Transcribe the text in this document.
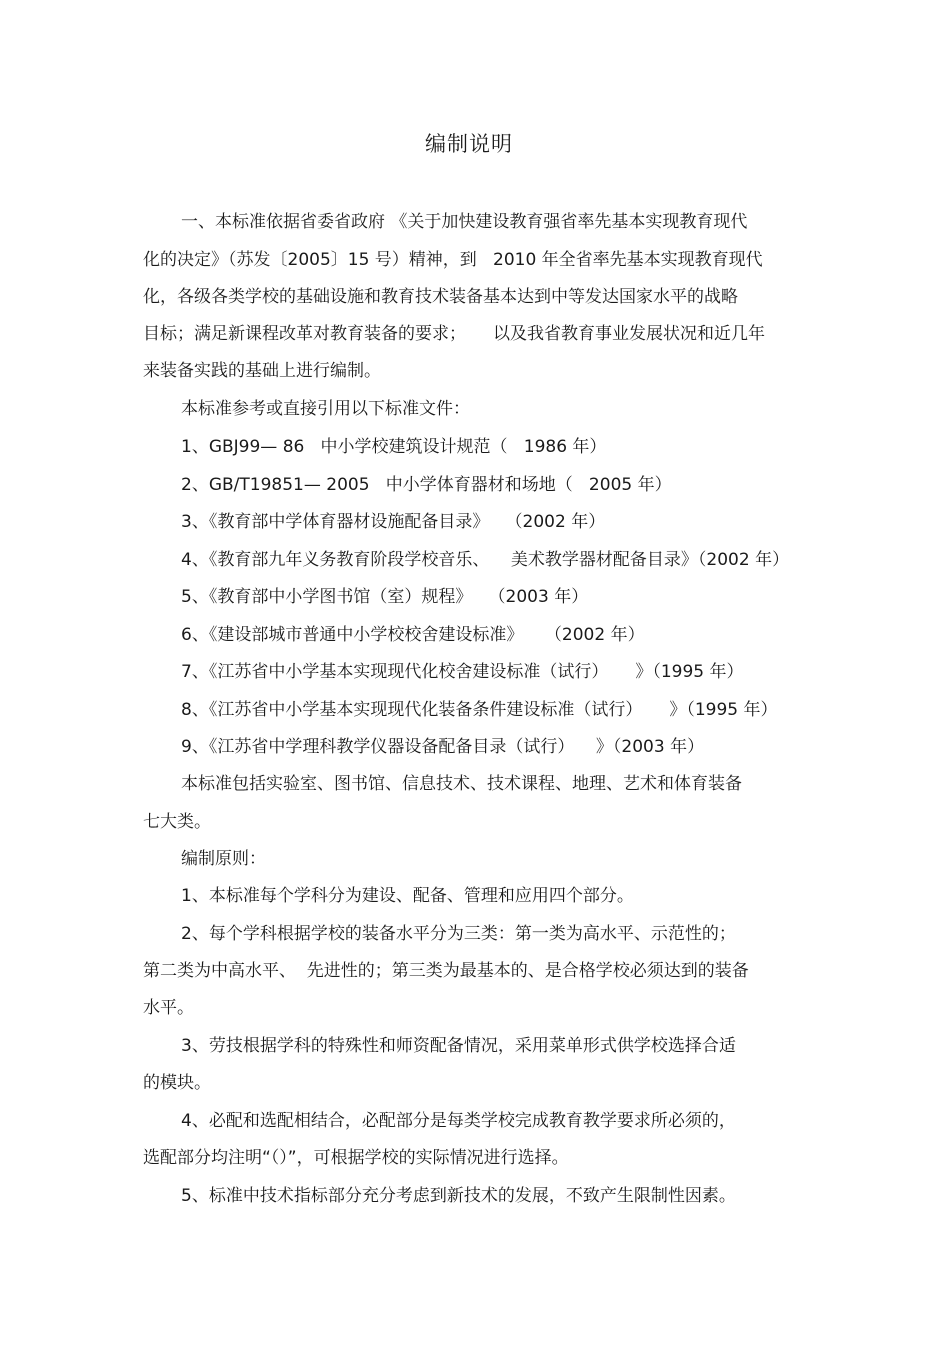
编制说明
一、本标准依据省委省政府 《关于加快建设教育强省率先基本实现教育现代
化的决定》（苏发〔2005〕15 号）精神，到   2010 年全省率先基本实现教育现代
化，各级各类学校的基础设施和教育技术装备基本达到中等发达国家水平的战略
目标；满足新课程改革对教育装备的要求；     以及我省教育事业发展状况和近几年
来装备实践的基础上进行编制。
本标准参考或直接引用以下标准文件：
1、GBJ99— 86   中小学校建筑设计规范（   1986 年）
2、GB/T19851— 2005   中小学体育器材和场地（   2005 年）
3、《教育部中学体育器材设施配备目录》   （2002 年）
4、《教育部九年义务教育阶段学校音乐、    美术教学器材配备目录》（2002 年）
5、《教育部中小学图书馆（室）规程》   （2003 年）
6、《建设部城市普通中小学校校舍建设标准》    （2002 年）
7、《江苏省中小学基本实现现代化校舍建设标准（试行）     》（1995 年）
8、《江苏省中小学基本实现现代化装备条件建设标准（试行）     》（1995 年）
9、《江苏省中学理科教学仪器设备配备目录（试行）    》（2003 年）
本标准包括实验室、图书馆、信息技术、技术课程、地理、艺术和体育装备
七大类。
编制原则：
1、本标准每个学科分为建设、配备、管理和应用四个部分。
2、每个学科根据学校的装备水平分为三类：第一类为高水平、示范性的；
第二类为中高水平、  先进性的；第三类为最基本的、是合格学校必须达到的装备
水平。
3、劳技根据学科的特殊性和师资配备情况，采用菜单形式供学校选择合适
的模块。
4、必配和选配相结合，必配部分是每类学校完成教育教学要求所必须的，
选配部分均注明“（）”，可根据学校的实际情况进行选择。
5、标准中技术指标部分充分考虑到新技术的发展，不致产生限制性因素。
